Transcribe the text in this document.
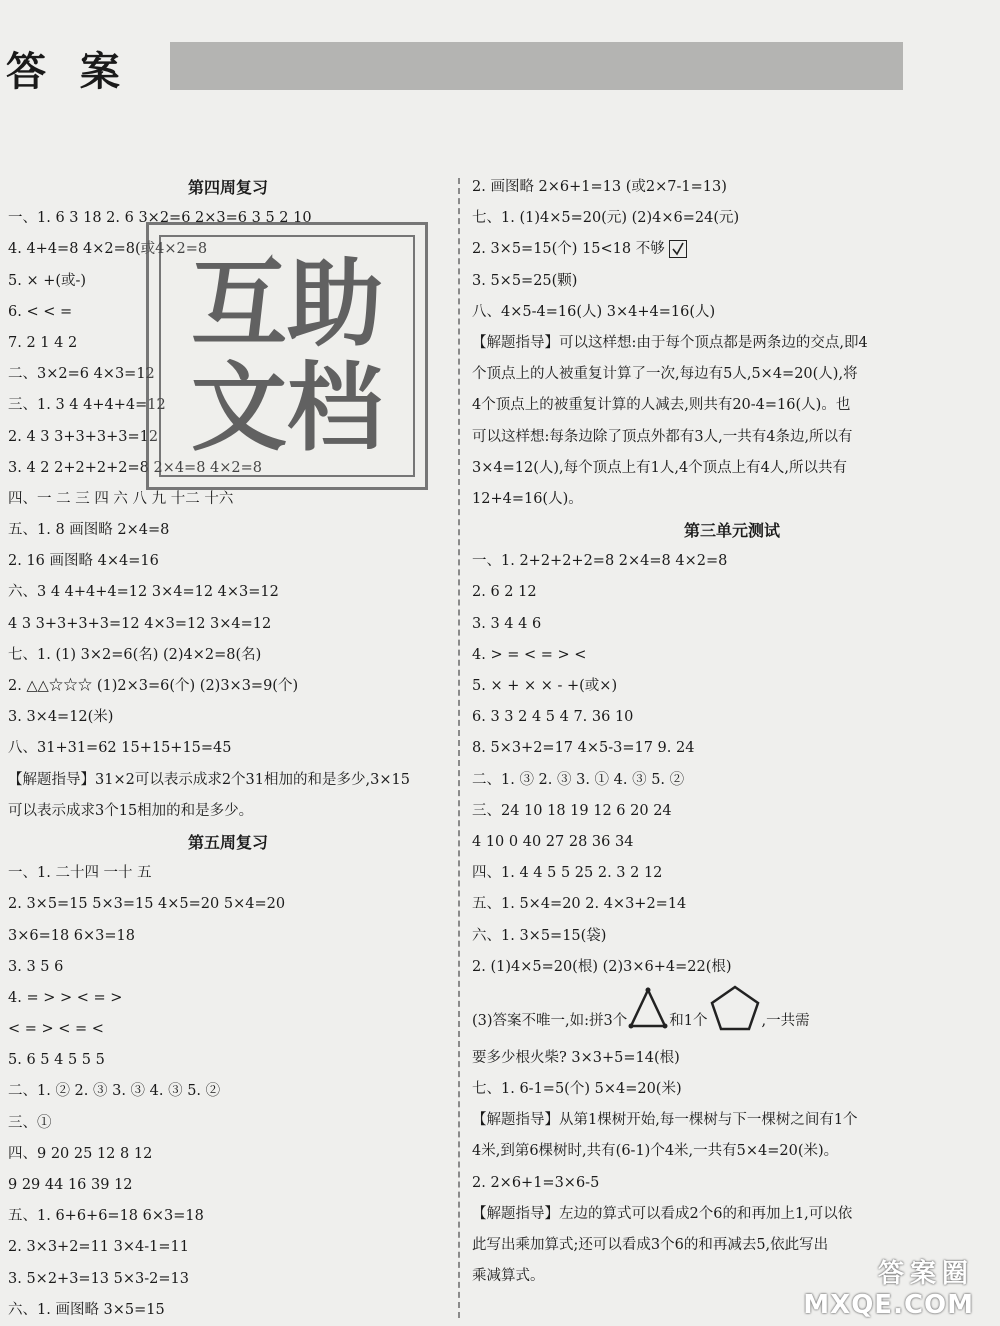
答 案
第四周复习
一、1. 6 3 18 2. 6 3×2=6 2×3=6 3 5 2 10
4. 4+4=8 4×2=8(或4×2=8
5. × +(或-)
6. < < =
7. 2 1 4 2
二、3×2=6 4×3=12
三、1. 3 4 4+4+4=12
2. 4 3 3+3+3+3=12
3. 4 2 2+2+2+2=8 2×4=8 4×2=8
四、一 二 三 四 六 八 九 十二 十六
五、1. 8 画图略 2×4=8
2. 16 画图略 4×4=16
六、3 4 4+4+4=12 3×4=12 4×3=12
4 3 3+3+3+3=12 4×3=12 3×4=12
七、1. (1) 3×2=6(名) (2)4×2=8(名)
2. △△☆☆☆ (1)2×3=6(个) (2)3×3=9(个)
3. 3×4=12(米)
八、31+31=62 15+15+15=45
【解题指导】31×2可以表示成求2个31相加的和是多少,3×15
可以表示成求3个15相加的和是多少。
第五周复习
一、1. 二十四 一十 五
2. 3×5=15 5×3=15 4×5=20 5×4=20
3×6=18 6×3=18
3. 3 5 6
4. = > > < = >
< = > < = <
5. 6 5 4 5 5 5
二、1. ② 2. ③ 3. ③ 4. ③ 5. ②
三、①
四、9 20 25 12 8 12
9 29 44 16 39 12
五、1. 6+6+6=18 6×3=18
2. 3×3+2=11 3×4-1=11
3. 5×2+3=13 5×3-2=13
六、1. 画图略 3×5=15
2. 画图略 2×6+1=13 (或2×7-1=13)
七、1. (1)4×5=20(元) (2)4×6=24(元)
2. 3×5=15(个) 15<18 不够
3. 5×5=25(颗)
八、4×5-4=16(人) 3×4+4=16(人)
【解题指导】可以这样想:由于每个顶点都是两条边的交点,即4
个顶点上的人被重复计算了一次,每边有5人,5×4=20(人),将
4个顶点上的被重复计算的人减去,则共有20-4=16(人)。也
可以这样想:每条边除了顶点外都有3人,一共有4条边,所以有
3×4=12(人),每个顶点上有1人,4个顶点上有4人,所以共有
12+4=16(人)。
第三单元测试
一、1. 2+2+2+2=8 2×4=8 4×2=8
2. 6 2 12
3. 3 4 4 6
4. > = < = > <
5. × + × × - +(或×)
6. 3 3 2 4 5 4 7. 36 10
8. 5×3+2=17 4×5-3=17 9. 24
二、1. ③ 2. ③ 3. ① 4. ③ 5. ②
三、24 10 18 19 12 6 20 24
4 10 0 40 27 28 36 34
四、1. 4 4 5 5 25 2. 3 2 12
五、1. 5×4=20 2. 4×3+2=14
六、1. 3×5=15(袋)
2. (1)4×5=20(根) (2)3×6+4=22(根)
(3)答案不唯一,如:拼3个	和1个	,一共需
要多少根火柴? 3×3+5=14(根)
七、1. 6-1=5(个) 5×4=20(米)
【解题指导】从第1棵树开始,每一棵树与下一棵树之间有1个
4米,到第6棵树时,共有(6-1)个4米,一共有5×4=20(米)。
2. 2×6+1=3×6-5
【解题指导】左边的算式可以看成2个6的和再加上1,可以依
此写出乘加算式;还可以看成3个6的和再减去5,依此写出
乘减算式。
互助
文档
答案圈
MXQE.COM
